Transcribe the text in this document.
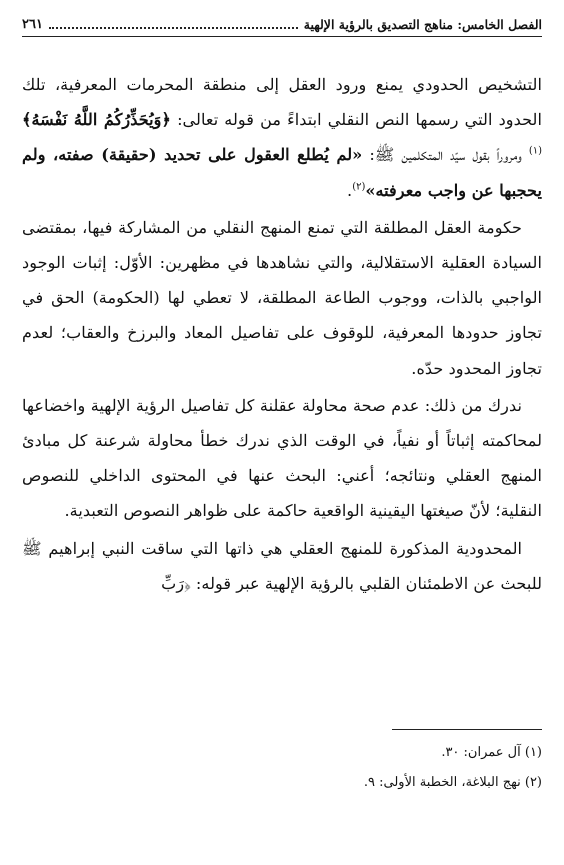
الفصل الخامس: مناهج التصديق بالرؤية الإلهية
٢٦١

التشخيص الحدودي يمنع ورود العقل إلى منطقة المحرمات المعرفية، تلك الحدود التي رسمها النص النقلي ابتداءً من قوله تعالى: ﴿وَيُحَذِّرُكُمُ اللَّهُ نَفْسَهُ﴾$^{(١)}$ ومروراً بقول سيّد المتكلمين ﷺ: «لم يُطلع العقول على تحديد (حقيقة) صفته، ولم يحجبها عن واجب معرفته»$^{(٢)}$.

حكومة العقل المطلقة التي تمنع المنهج النقلي من المشاركة فيها، بمقتضى السيادة العقلية الاستقلالية، والتي نشاهدها في مظهرين: الأوّل: إثبات الوجود الواجبي بالذات، ووجوب الطاعة المطلقة، لا تعطي لها (الحكومة) الحق في تجاوز حدودها المعرفية، للوقوف على تفاصيل المعاد والبرزخ والعقاب؛ لعدم تجاوز المحدود حدّه.

ندرك من ذلك: عدم صحة محاولة عقلنة كل تفاصيل الرؤية الإلهية واخضاعها لمحاكمته إثباتاً أو نفياً، في الوقت الذي ندرك خطأ محاولة شرعنة كل مبادئ المنهج العقلي ونتائجه؛ أعني: البحث عنها في المحتوى الداخلي للنصوص النقلية؛ لأنّ صيغتها اليقينية الواقعية حاكمة على ظواهر النصوص التعبدية.

المحدودية المذكورة للمنهج العقلي هي ذاتها التي ساقت النبي إبراهيم ﷺ للبحث عن الاطمئنان القلبي بالرؤية الإلهية عبر قوله: ﴿رَبِّ

(١) آل عمران: ٣٠.
(٢) نهج البلاغة، الخطبة الأولى: ٩.
